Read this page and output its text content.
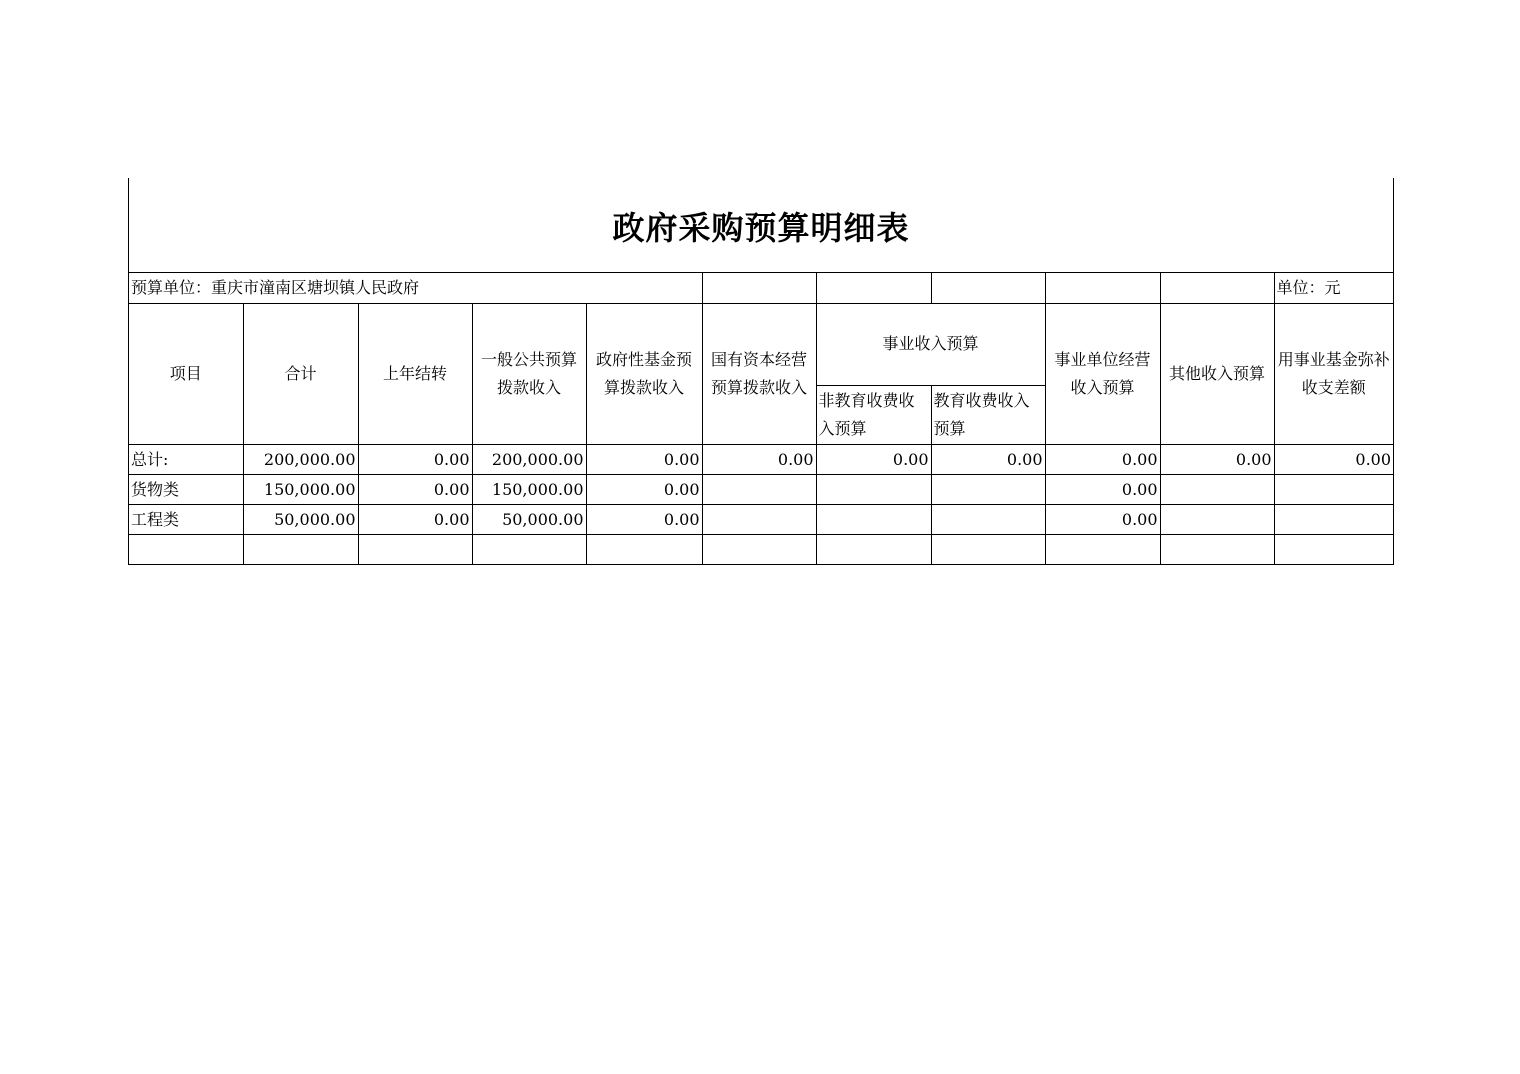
政府采购预算明细表
预算单位：重庆市潼南区塘坝镇人民政府										单位：元
项目	合计	上年结转	一般公共预算拨款收入	政府性基金预算拨款收入	国有资本经营预算拨款收入	事业收入预算		事业单位经营收入预算	其他收入预算	用事业基金弥补收支差额
						非教育收费收入预算	教育收费收入预算			
总计:	200,000.00	0.00	200,000.00	0.00	0.00	0.00	0.00	0.00	0.00	0.00
货物类	150,000.00	0.00	150,000.00	0.00				0.00		
工程类	50,000.00	0.00	50,000.00	0.00				0.00		
